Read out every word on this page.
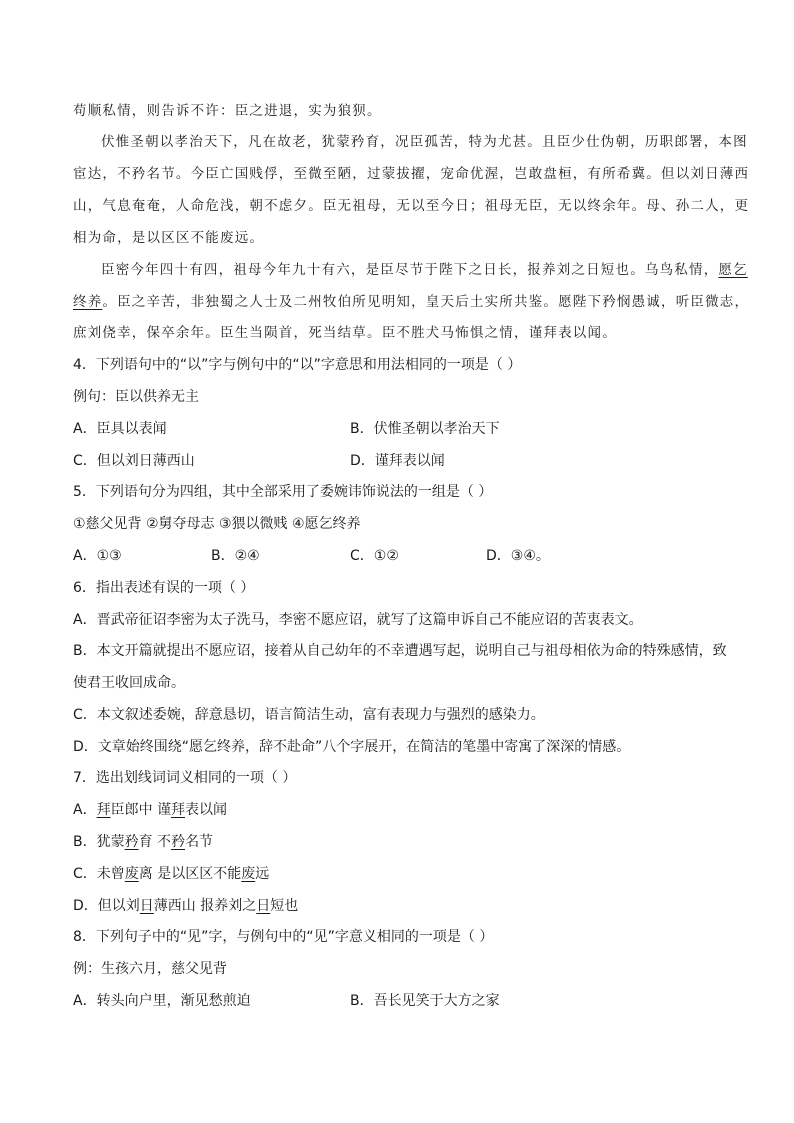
苟顺私情，则告诉不许：臣之进退，实为狼狈。
伏惟圣朝以孝治天下，凡在故老，犹蒙矜育，况臣孤苦，特为尤甚。且臣少仕伪朝，历职郎署，本图
宦达，不矜名节。今臣亡国贱俘，至微至陋，过蒙拔擢，宠命优渥，岂敢盘桓，有所希冀。但以刘日薄西
山，气息奄奄，人命危浅，朝不虑夕。臣无祖母，无以至今日；祖母无臣，无以终余年。母、孙二人，更
相为命，是以区区不能废远。
臣密今年四十有四，祖母今年九十有六，是臣尽节于陛下之日长，报养刘之日短也。乌鸟私情，愿乞
终养。臣之辛苦，非独蜀之人士及二州牧伯所见明知，皇天后土实所共鉴。愿陛下矜悯愚诚，听臣微志，
庶刘侥幸，保卒余年。臣生当陨首，死当结草。臣不胜犬马怖惧之情，谨拜表以闻。
4．下列语句中的“以”字与例句中的“以”字意思和用法相同的一项是（ ）
例句：臣以供养无主
A．臣具以表闻	B．伏惟圣朝以孝治天下
C．但以刘日薄西山	D．谨拜表以闻
5．下列语句分为四组，其中全部采用了委婉讳饰说法的一组是（ ）
①慈父见背 ②舅夺母志 ③猥以微贱 ④愿乞终养
A．①③	B．②④	C．①②	D．③④。
6．指出表述有误的一项（ ）
A．晋武帝征诏李密为太子洗马，李密不愿应诏，就写了这篇申诉自己不能应诏的苦衷表文。
B．本文开篇就提出不愿应诏，接着从自己幼年的不幸遭遇写起，说明自己与祖母相依为命的特殊感情，致
使君王收回成命。
C．本文叙述委婉，辞意恳切，语言简洁生动，富有表现力与强烈的感染力。
D．文章始终围绕“愿乞终养，辞不赴命”八个字展开，在简洁的笔墨中寄寓了深深的情感。
7．选出划线词词义相同的一项（ ）
A．拜臣郎中 谨拜表以闻
B．犹蒙矜育 不矜名节
C．未曾废离 是以区区不能废远
D．但以刘日薄西山 报养刘之日短也
8．下列句子中的“见”字，与例句中的“见”字意义相同的一项是（ ）
例：生孩六月，慈父见背
A．转头向户里，渐见愁煎迫	B．吾长见笑于大方之家
